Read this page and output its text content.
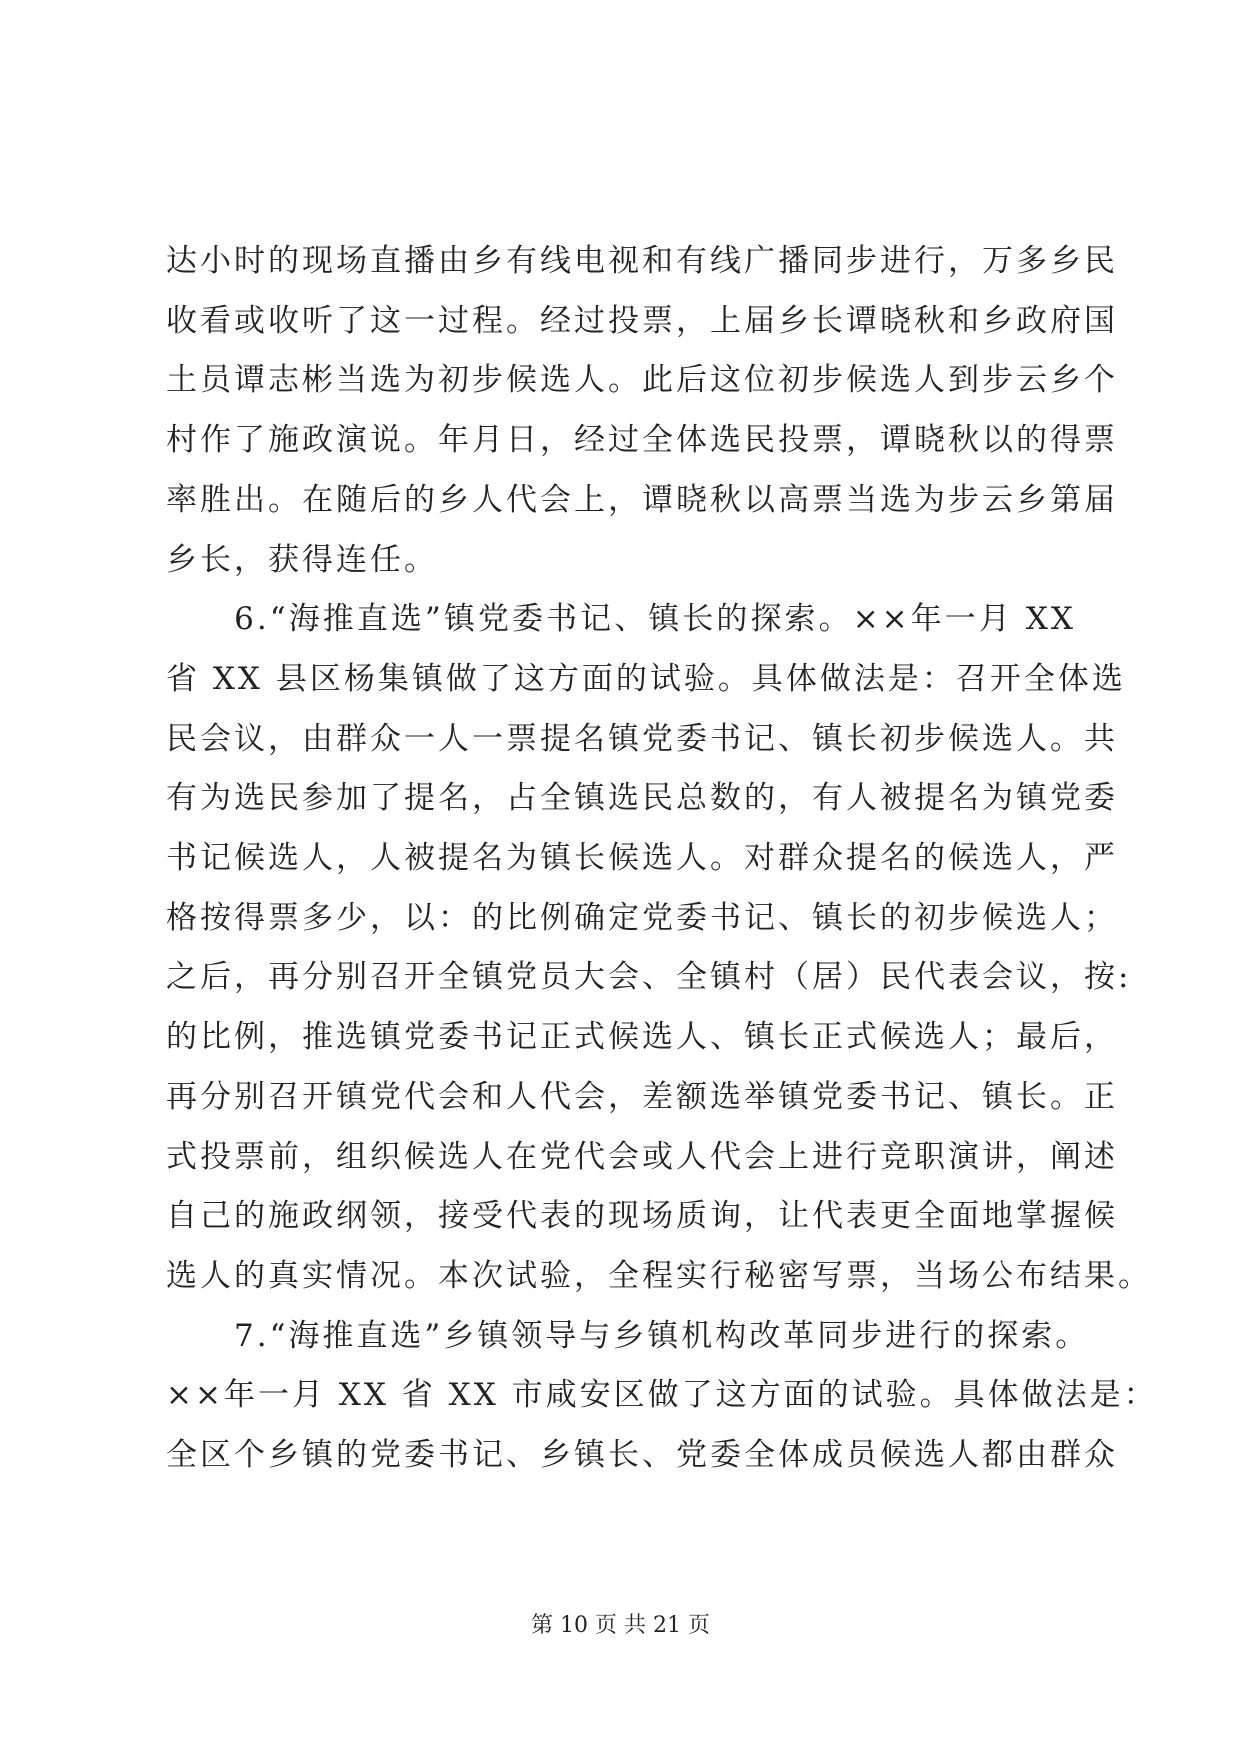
达小时的现场直播由乡有线电视和有线广播同步进行，万多乡民
收看或收听了这一过程。经过投票，上届乡长谭晓秋和乡政府国
土员谭志彬当选为初步候选人。此后这位初步候选人到步云乡个
村作了施政演说。年月日，经过全体选民投票，谭晓秋以的得票
率胜出。在随后的乡人代会上，谭晓秋以高票当选为步云乡第届
乡长，获得连任。
　　6.“海推直选”镇党委书记、镇长的探索。××年一月 XX
省 XX 县区杨集镇做了这方面的试验。具体做法是：召开全体选
民会议，由群众一人一票提名镇党委书记、镇长初步候选人。共
有为选民参加了提名，占全镇选民总数的，有人被提名为镇党委
书记候选人，人被提名为镇长候选人。对群众提名的候选人，严
格按得票多少，以：的比例确定党委书记、镇长的初步候选人；
之后，再分别召开全镇党员大会、全镇村（居）民代表会议，按:
的比例，推选镇党委书记正式候选人、镇长正式候选人；最后，
再分别召开镇党代会和人代会，差额选举镇党委书记、镇长。正
式投票前，组织候选人在党代会或人代会上进行竞职演讲，阐述
自己的施政纲领，接受代表的现场质询，让代表更全面地掌握候
选人的真实情况。本次试验，全程实行秘密写票，当场公布结果。
　　7.“海推直选”乡镇领导与乡镇机构改革同步进行的探索。
××年一月 XX 省 XX 市咸安区做了这方面的试验。具体做法是：
全区个乡镇的党委书记、乡镇长、党委全体成员候选人都由群众
第 10 页 共 21 页
